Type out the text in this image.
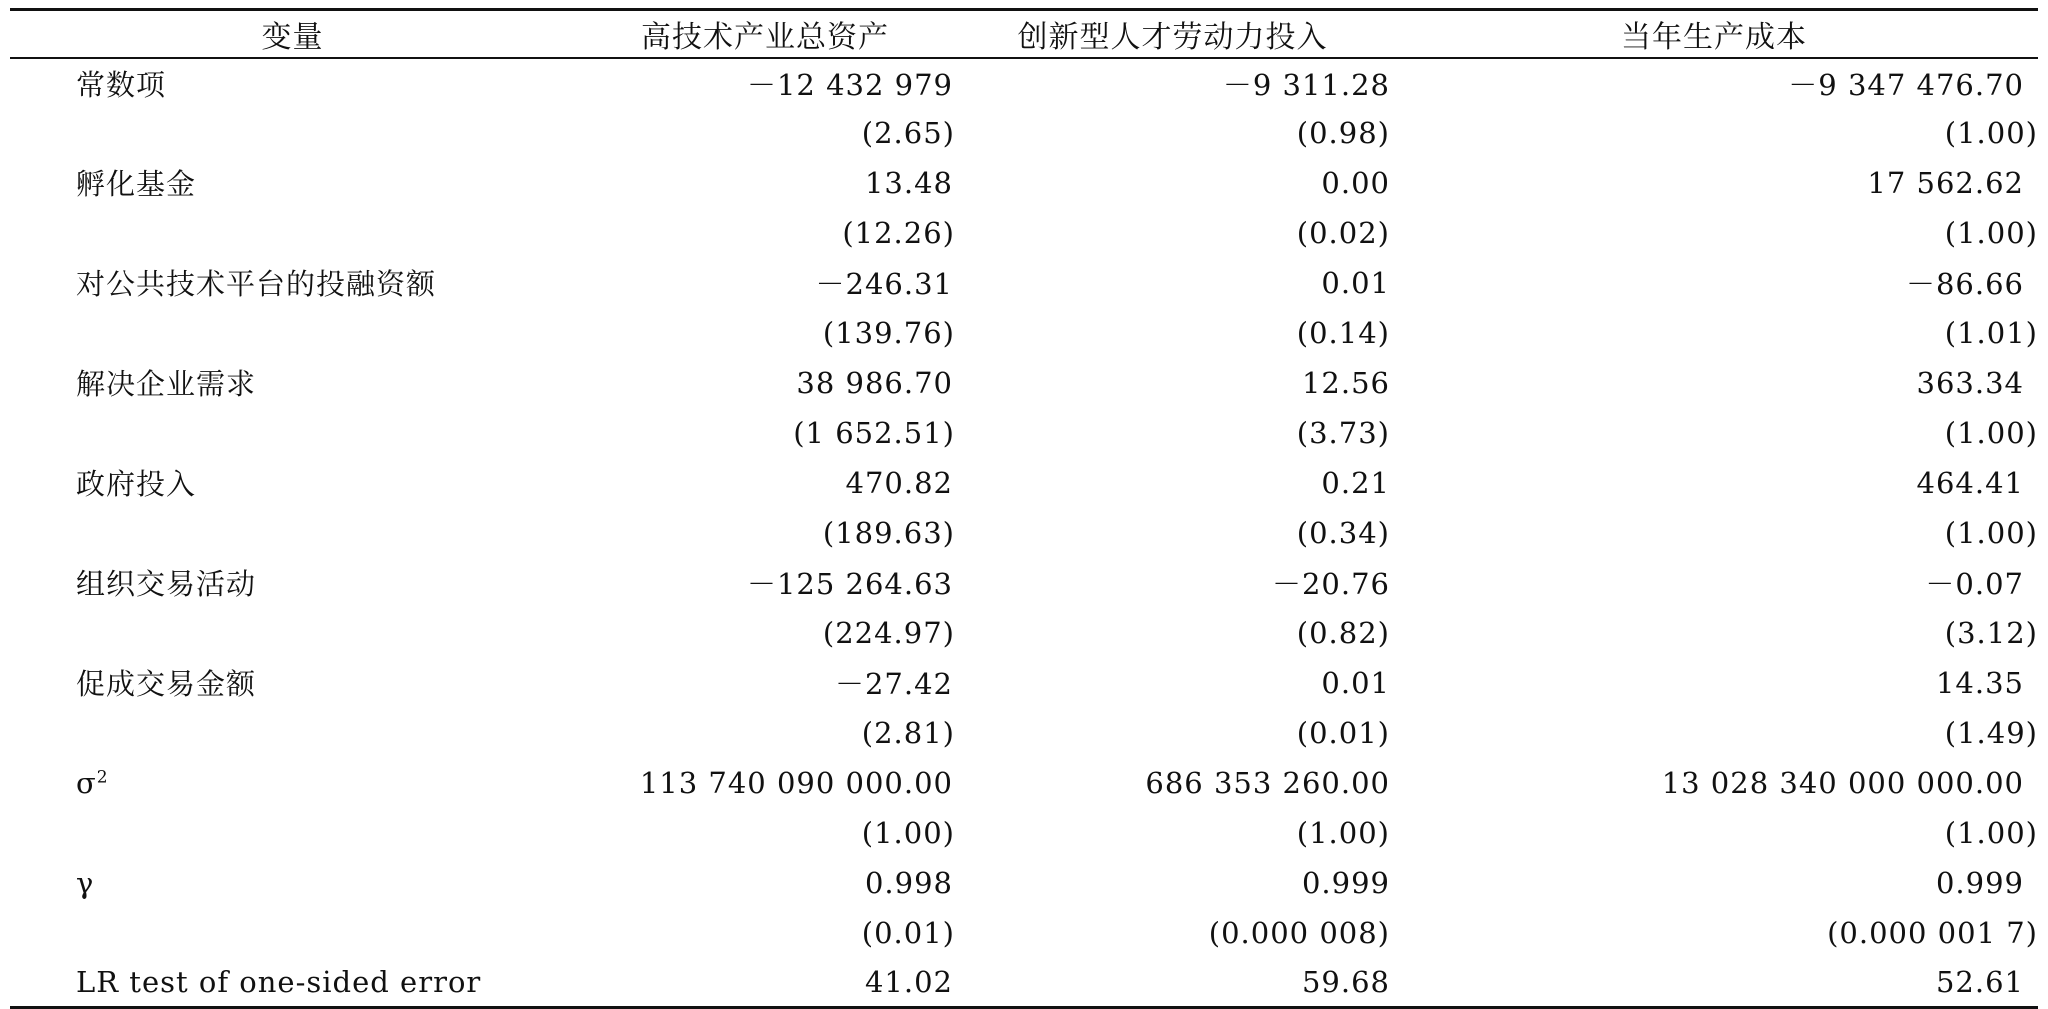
变量	高技术产业总资产	创新型人才劳动力投入	当年生产成本
常数项	－12 432 979	－9 311.28	－9 347 476.70
	(2.65)	(0.98)	(1.00)
孵化基金	13.48	0.00	17 562.62
	(12.26)	(0.02)	(1.00)
对公共技术平台的投融资额	－246.31	0.01	－86.66
	(139.76)	(0.14)	(1.01)
解决企业需求	38 986.70	12.56	363.34
	(1 652.51)	(3.73)	(1.00)
政府投入	470.82	0.21	464.41
	(189.63)	(0.34)	(1.00)
组织交易活动	－125 264.63	－20.76	－0.07
	(224.97)	(0.82)	(3.12)
促成交易金额	－27.42	0.01	14.35
	(2.81)	(0.01)	(1.49)
$\sigma^2$	113 740 090 000.00	686 353 260.00	13 028 340 000 000.00
	(1.00)	(1.00)	(1.00)
γ	0.998	0.999	0.999
	(0.01)	(0.000 008)	(0.000 001 7)
LR test of one-sided error	41.02	59.68	52.61
